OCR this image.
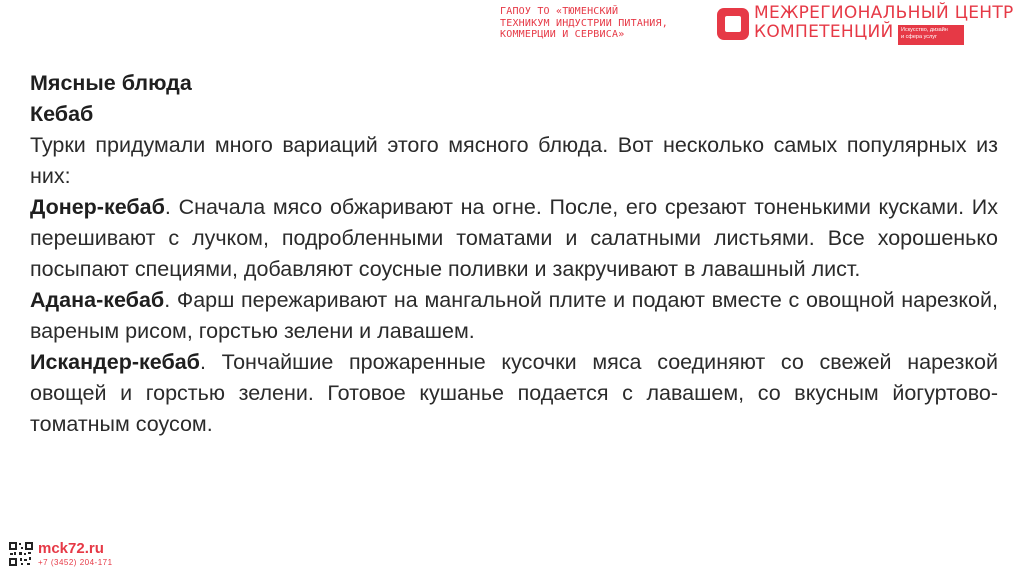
ГАПОУ ТО «ТЮМЕНСКИЙ
ТЕХНИКУМ ИНДУСТРИИ ПИТАНИЯ,
КОММЕРЦИИ И СЕРВИСА»
МЕЖРЕГИОНАЛЬНЫЙ ЦЕНТР
КОМПЕТЕНЦИЙ	Искусство, дизайн
и сфера услуг

Мясные блюда

Кебаб

Турки придумали много вариаций этого мясного блюда. Вот несколько самых популярных из них:

Донер-кебаб. Сначала мясо обжаривают на огне. После, его срезают тоненькими кусками. Их перешивают с лучком, подробленными томатами и салатными листьями. Все хорошенько посыпают специями, добавляют соусные поливки и закручивают в лавашный лист.

Адана-кебаб. Фарш пережаривают на мангальной плите и подают вместе с овощной нарезкой, вареным рисом, горстью зелени и лавашем.

Искандер-кебаб. Тончайшие прожаренные кусочки мяса соединяют со свежей нарезкой овощей и горстью зелени. Готовое кушанье подается с лавашем, со вкусным йогуртово-томатным соусом.

mck72.ru
+7 (3452) 204-171
